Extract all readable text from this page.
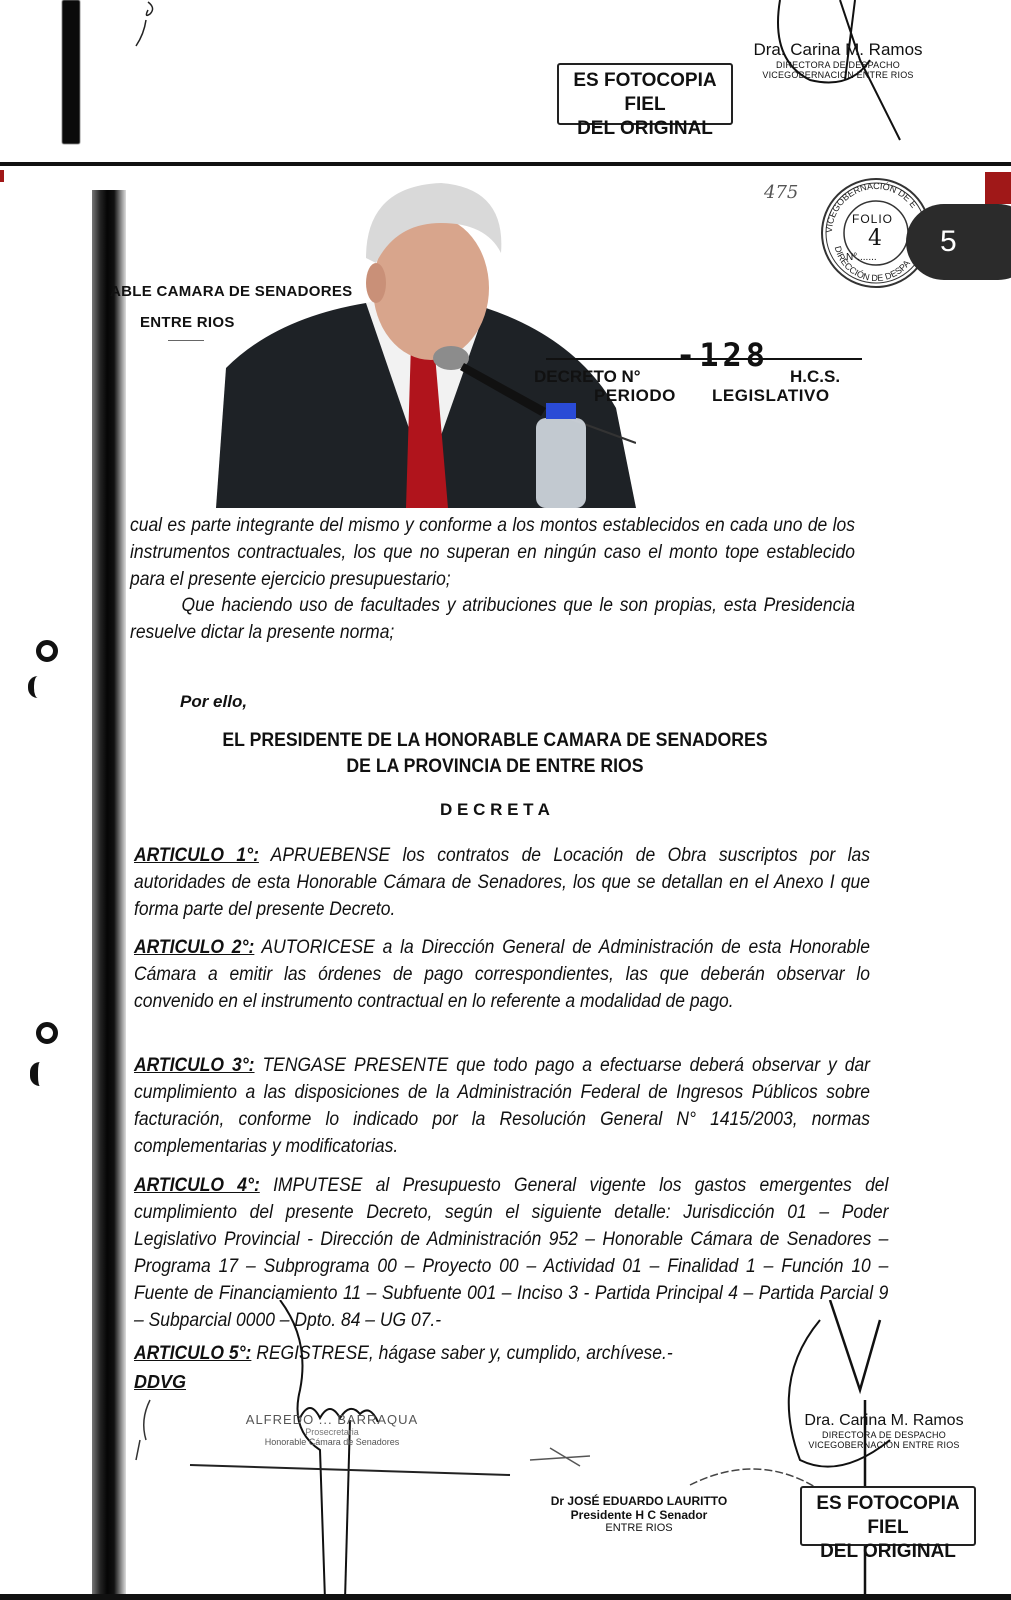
ES FOTOCOPIA FIEL
DEL ORIGINAL
Dra. Carina M. Ramos
DIRECTORA DE DESPACHO
VICEGOBERNACION ENTRE RIOS
ABLE CAMARA DE SENADORES
ENTRE RIOS
475
VICEGOBERNACIÓN DE E
DIRECCIÓN DE DESPA
FOLIO
4
N°....... 5
DECRETO N°
-128
H.C.S.
PERIODO LEGISLATIVO
cual es parte integrante del mismo y conforme a los montos establecidos en cada uno de los instrumentos contractuales, los que no superan en ningún caso el monto tope establecido para el presente ejercicio presupuestario;
Que haciendo uso de facultades y atribuciones que le son propias, esta Presidencia resuelve dictar la presente norma;
Por ello,
EL PRESIDENTE DE LA HONORABLE CAMARA DE SENADORES
DE LA PROVINCIA DE ENTRE RIOS
D E C R E T A
ARTICULO 1°: APRUEBENSE los contratos de Locación de Obra suscriptos por las autoridades de esta Honorable Cámara de Senadores, los que se detallan en el Anexo I que forma parte del presente Decreto.
ARTICULO 2°: AUTORICESE a la Dirección General de Administración de esta Honorable Cámara a emitir las órdenes de pago correspondientes, las que deberán observar lo convenido en el instrumento contractual en lo referente a modalidad de pago.
ARTICULO 3°: TENGASE PRESENTE que todo pago a efectuarse deberá observar y dar cumplimiento a las disposiciones de la Administración Federal de Ingresos Públicos sobre facturación, conforme lo indicado por la Resolución General N° 1415/2003, normas complementarias y modificatorias.
ARTICULO 4°: IMPUTESE al Presupuesto General vigente los gastos emergentes del cumplimiento del presente Decreto, según el siguiente detalle: Jurisdicción 01 – Poder Legislativo Provincial - Dirección de Administración 952 – Honorable Cámara de Senadores – Programa 17 – Subprograma 00 – Proyecto 00 – Actividad 01 – Finalidad 1 – Función 10 – Fuente de Financiamiento 11 – Subfuente 001 – Inciso 3 - Partida Principal 4 – Partida Parcial 9 – Subparcial 0000 – Dpto. 84 – UG 07.-
ARTICULO 5°: REGISTRESE, hágase saber y, cumplido, archívese.-
DDVG
ALFREDO ... BARRAQUA
Prosecretaria
Honorable Cámara de Senadores
Dr JOSÉ EDUARDO LAURITTO
Presidente H C Senador
ENTRE RIOS
Dra. Carina M. Ramos
DIRECTORA DE DESPACHO
VICEGOBERNACION ENTRE RIOS
ES FOTOCOPIA FIEL
DEL ORIGINAL
